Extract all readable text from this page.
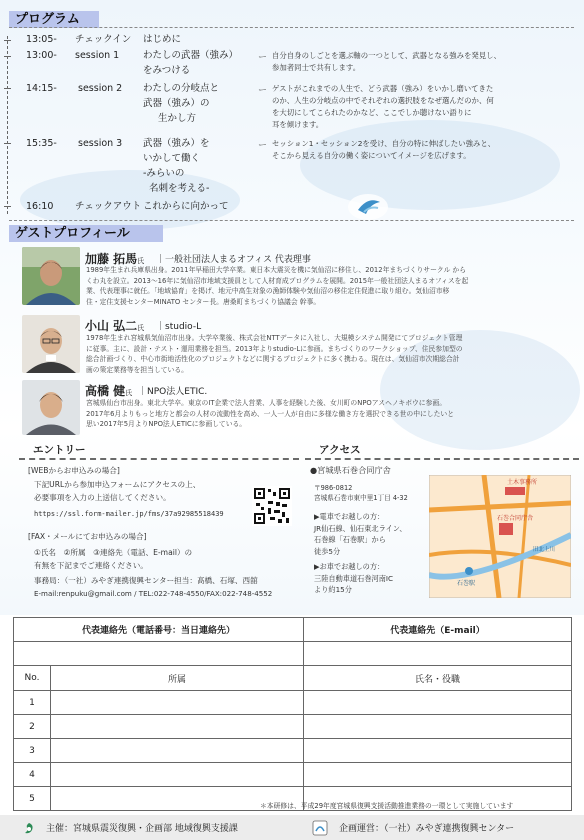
プログラム
13:05- チェックイン はじめに
13:00- session 1	わたしの武器（強み）
をみつける
ー 自分自身のしごとを選ぶ軸の一つとして、武器となる強みを発見し、
参加者同士で共有します。
14:15- session 2 わたしの分岐点と
武器（強み）の
生かし方
ー ゲストがこれまでの人生で、どう武器（強み）をいかし磨いてきた
のか、人生の分岐点の中でそれぞれの選択肢をなぜ選んだのか、何
を大切にしてこられたのかなど、ここでしか聴けない語りに
耳を傾けます。
15:35- session 3 武器（強み）を
いかして働く
-みらいの
名刺を考える-
ー セッション1・セッション2を受け、自分の特に伸ばしたい強みと、
そこから見える自分の働く姿についてイメージを広げます。
16:10 チェックアウト これからに向かって
ゲストプロフィール
加藤 拓馬氏 ｜一般社団法人まるオフィス 代表理事
1989年生まれ兵庫県出身。2011年早稲田大学卒業。東日本大震災を機に気仙沼に移住し、2012年まちづくりサークル から
くわ丸を設立。2013～16年に気仙沼市地域支援員として人材育成プログラムを展開。2015年一般社団法人まるオフィスを起
業、代表理事に就任。「地域協育」を掲げ、地元中高生対象の漁師体験や気仙沼の移住定住促進に取り組む。気仙沼市移
住・定住支援センターMINATO センター長。唐桑町まちづくり協議会 幹事。
小山 弘二氏 ｜studio-L
1978年生まれ宮城県気仙沼市出身。大学卒業後、株式会社NTTデータに入社し、大規模システム開発にてプロジェクト管理
に従事。主に、設計・テスト・運用業務を担当。2013年よりstudio-Lに参画。まちづくりのワークショップ、住民参加型の
総合計画づくり、中心市街地活性化のプロジェクトなどに関するプロジェクトに多く携わる。現在は、気仙沼市次期総合計
画の策定業務等を担当している。
高橋 健氏 ｜NPO法人ETIC.
宮城県仙台市出身。東北大学卒。東京のIT企業で法人営業、人事を経験した後、女川町のNPOアスヘノキボウに参画。
2017年6月よりもっと地方と都会の人材の流動性を高め、一人一人が自由に多様な働き方を選択できる世の中にしたいと
思い2017年5月よりNPO法人ETICに参画している。
エントリー
[WEBからお申込みの場合]
下記URLから参加申込フォームにアクセスの上、
必要事項を入力の上送信してください。
https://ssl.form-mailer.jp/fms/37a92985518439
[FAX・メールにてお申込みの場合]
①氏名　②所属　③連絡先（電話、E-mail）の
有無を下記までご連絡ください。
事務局：（一社）みやぎ連携復興センター担当：髙橋、石塚、西舘
E-mail:renpuku@gmail.com / TEL:022-748-4550/FAX:022-748-4552
アクセス
●宮城県石巻合同庁舎
〒986-0812
宮城県石巻市東中里1丁目 4-32
▶電車でお越しの方：
JR仙石線、仙石東北ライン、
石巻線「石巻駅」から
徒歩5分
▶お車でお越しの方：
三陸自動車道石巻河南IC
より約15分
土木事務所
石巻合同庁舎
石巻駅
旧北上川
代表連絡先（電話番号：当日連絡先）		代表連絡先（E-mail）

No.	所属	氏名・役職
1		
2		
3		
4		
5		
＊本研修は、平成29年度宮城県復興支援活動推進業務の一環として実施しています
主催：宮城県震災復興・企画部 地域復興支援課	企画運営：（一社）みやぎ連携復興センター
